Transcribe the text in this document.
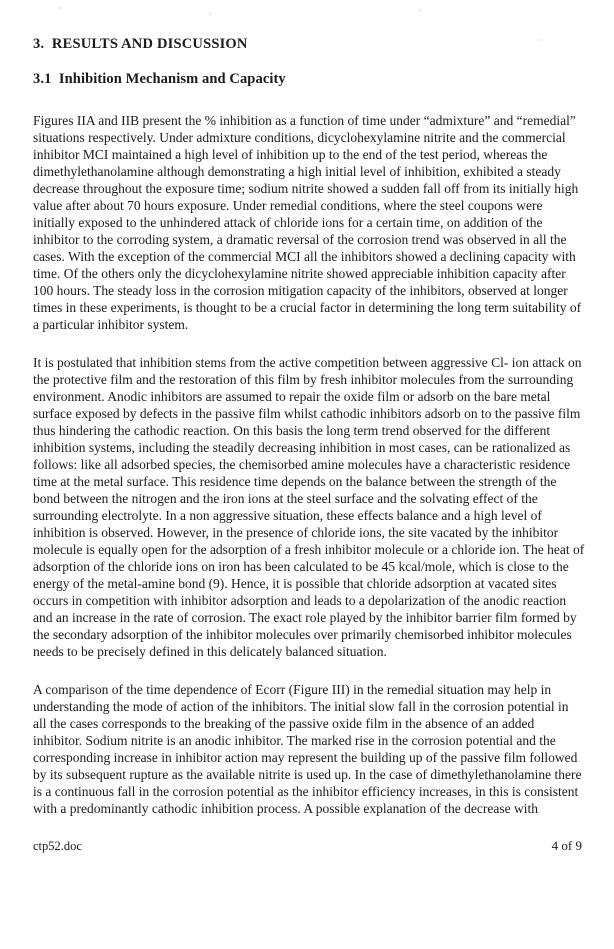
3.  RESULTS AND DISCUSSION
3.1  Inhibition Mechanism and Capacity

Figures IIA and IIB present the % inhibition as a function of time under “admixture” and “remedial” situations respectively. Under admixture conditions, dicyclohexylamine nitrite and the commercial inhibitor MCI maintained a high level of inhibition up to the end of the test period, whereas the dimethylethanolamine although demonstrating a high initial level of inhibition, exhibited a steady decrease throughout the exposure time; sodium nitrite showed a sudden fall off from its initially high value after about 70 hours exposure. Under remedial conditions, where the steel coupons were initially exposed to the unhindered attack of chloride ions for a certain time, on addition of the inhibitor to the corroding system, a dramatic reversal of the corrosion trend was observed in all the cases. With the exception of the commercial MCI all the inhibitors showed a declining capacity with time. Of the others only the dicyclohexylamine nitrite showed appreciable inhibition capacity after 100 hours. The steady loss in the corrosion mitigation capacity of the inhibitors, observed at longer times in these experiments, is thought to be a crucial factor in determining the long term suitability of a particular inhibitor system.

It is postulated that inhibition stems from the active competition between aggressive Cl- ion attack on the protective film and the restoration of this film by fresh inhibitor molecules from the surrounding environment. Anodic inhibitors are assumed to repair the oxide film or adsorb on the bare metal surface exposed by defects in the passive film whilst cathodic inhibitors adsorb on to the passive film thus hindering the cathodic reaction. On this basis the long term trend observed for the different inhibition systems, including the steadily decreasing inhibition in most cases, can be rationalized as follows: like all adsorbed species, the chemisorbed amine molecules have a characteristic residence time at the metal surface. This residence time depends on the balance between the strength of the bond between the nitrogen and the iron ions at the steel surface and the solvating effect of the surrounding electrolyte. In a non aggressive situation, these effects balance and a high level of inhibition is observed. However, in the presence of chloride ions, the site vacated by the inhibitor molecule is equally open for the adsorption of a fresh inhibitor molecule or a chloride ion. The heat of adsorption of the chloride ions on iron has been calculated to be 45 kcal/mole, which is close to the energy of the metal-amine bond (9). Hence, it is possible that chloride adsorption at vacated sites occurs in competition with inhibitor adsorption and leads to a depolarization of the anodic reaction and an increase in the rate of corrosion. The exact role played by the inhibitor barrier film formed by the secondary adsorption of the inhibitor molecules over primarily chemisorbed inhibitor molecules needs to be precisely defined in this delicately balanced situation.

A comparison of the time dependence of Ecorr (Figure III) in the remedial situation may help in understanding the mode of action of the inhibitors. The initial slow fall in the corrosion potential in all the cases corresponds to the breaking of the passive oxide film in the absence of an added inhibitor. Sodium nitrite is an anodic inhibitor. The marked rise in the corrosion potential and the corresponding increase in inhibitor action may represent the building up of the passive film followed by its subsequent rupture as the available nitrite is used up. In the case of dimethylethanolamine there is a continuous fall in the corrosion potential as the inhibitor efficiency increases, in this is consistent with a predominantly cathodic inhibition process. A possible explanation of the decrease with

ctp52.doc	4 of 9
